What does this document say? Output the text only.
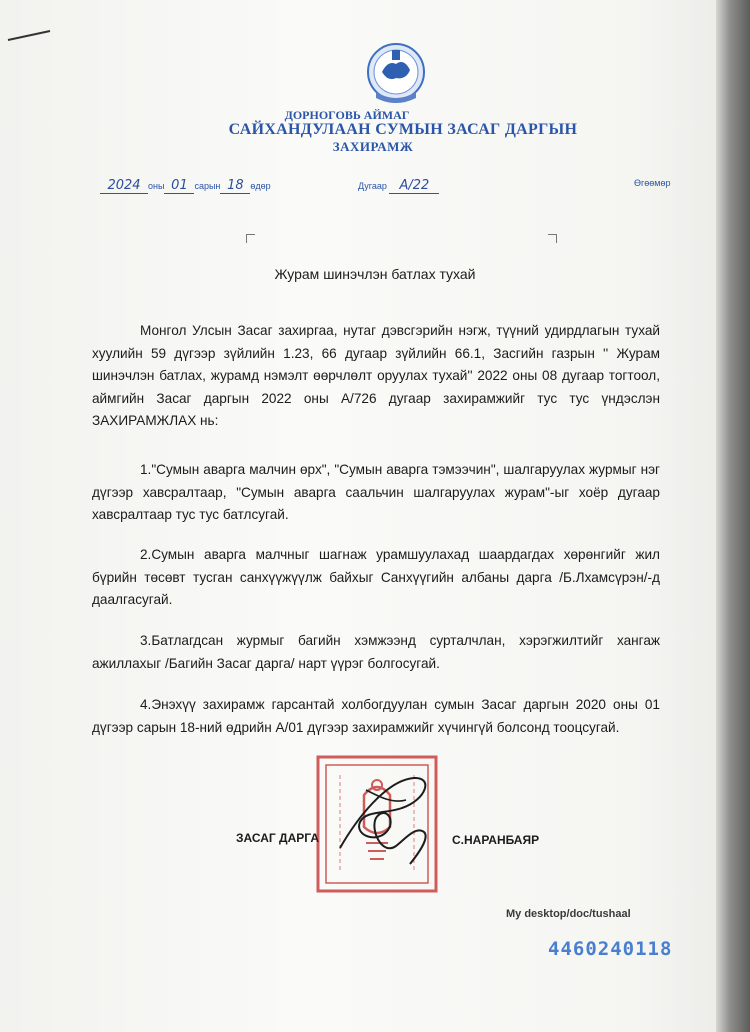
ДОРНОГОВЬ АЙМАГ
САЙХАНДУЛААН СУМЫН ЗАСАГ ДАРГЫН
ЗАХИРАМЖ
2024 оны 01 сарын 18 өдөр	Дугаар A/22	Өгөөмөр
Журам шинэчлэн батлах тухай
Монгол Улсын Засаг захиргаа, нутаг дэвсгэрийн нэгж, түүний удирдлагын тухай хуулийн 59 дүгээр зүйлийн 1.23, 66 дугаар зүйлийн 66.1, Засгийн газрын '' Журам шинэчлэн батлах, журамд нэмэлт өөрчлөлт оруулах тухай'' 2022 оны 08 дугаар тогтоол, аймгийн Засаг даргын 2022 оны А/726 дугаар захирамжийг тус тус үндэслэн ЗАХИРАМЖЛАХ нь:
1."Сумын аварга малчин өрх", "Сумын аварга тэмээчин", шалгаруулах журмыг нэг дүгээр хавсралтаар, "Сумын аварга саальчин шалгаруулах журам"-ыг хоёр дугаар хавсралтаар тус тус батлсугай.
2.Сумын аварга малчныг шагнаж урамшуулахад шаардагдах хөрөнгийг жил бүрийн төсөвт тусган санхүүжүүлж байхыг Санхүүгийн албаны дарга /Б.Лхамсүрэн/-д даалгасугай.
3.Батлагдсан журмыг багийн хэмжээнд сурталчлан, хэрэгжилтийг хангаж ажиллахыг /Багийн Засаг дарга/ нарт үүрэг болгосугай.
4.Энэхүү захирамж гарсантай холбогдуулан сумын Засаг даргын 2020 оны 01 дүгээр сарын 18-ний өдрийн А/01 дүгээр захирамжийг хүчингүй болсонд тооцсугай.
ЗАСАГ ДАРГА	С.НАРАНБАЯР
My desktop/doc/tushaal
4460240118
